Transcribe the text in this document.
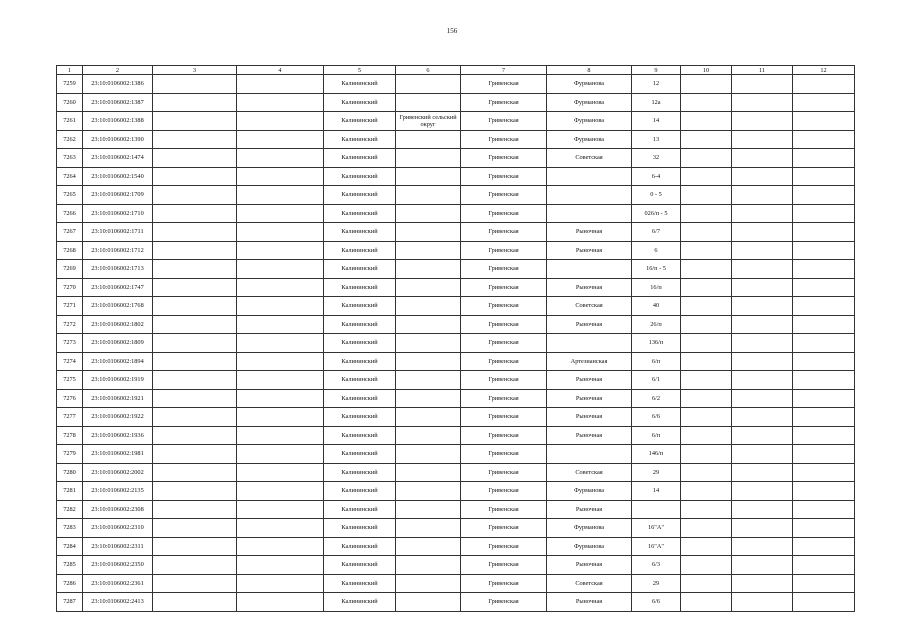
156
1	2	3	4	5	6	7	8	9	10	11	12
7259	23:10:0106002:1386			Калининский		Гривенская	Фурманова	12			
7260	23:10:0106002:1387			Калининский		Гривенская	Фурманова	12а			
7261	23:10:0106002:1388			Калининский	Гривенский сельский округ	Гривенская	Фурманова	14			
7262	23:10:0106002:1390			Калининский		Гривенская	Фурманова	13			
7263	23:10:0106002:1474			Калининский		Гривенская	Советская	32			
7264	23:10:0106002:1540			Калининский		Гривенская		6-4			
7265	23:10:0106002:1709			Калининский		Гривенская		0 - 5			
7266	23:10:0106002:1710			Калининский		Гривенская		026/п - 5			
7267	23:10:0106002:1711			Калининский		Гривенская	Рыночная	6/7			
7268	23:10:0106002:1712			Калининский		Гривенская	Рыночная	6			
7269	23:10:0106002:1713			Калининский		Гривенская		16/п - 5			
7270	23:10:0106002:1747			Калининский		Гривенская	Рыночная	16/п			
7271	23:10:0106002:1768			Калининский		Гривенская	Советская	40			
7272	23:10:0106002:1802			Калининский		Гривенская	Рыночная	26/п			
7273	23:10:0106002:1809			Калининский		Гривенская		136/п			
7274	23:10:0106002:1894			Калининский		Гривенская	Артезианская	6/п			
7275	23:10:0106002:1919			Калининский		Гривенская	Рыночная	6/1			
7276	23:10:0106002:1921			Калининский		Гривенская	Рыночная	6/2			
7277	23:10:0106002:1922			Калининский		Гривенская	Рыночная	6/6			
7278	23:10:0106002:1936			Калининский		Гривенская	Рыночная	6/п			
7279	23:10:0106002:1981			Калининский		Гривенская		146/п			
7280	23:10:0106002:2002			Калининский		Гривенская	Советская	29			
7281	23:10:0106002:2135			Калининский		Гривенская	Фурманова	14			
7282	23:10:0106002:2308			Калининский		Гривенская	Рыночная				
7283	23:10:0106002:2310			Калининский		Гривенская	Фурманова	16"А"			
7284	23:10:0106002:2311			Калининский		Гривенская	Фурманова	16"А"			
7285	23:10:0106002:2350			Калининский		Гривенская	Рыночная	6/3			
7286	23:10:0106002:2361			Калининский		Гривенская	Советская	29			
7287	23:10:0106002:2413			Калининский		Гривенская	Рыночная	6/6			
